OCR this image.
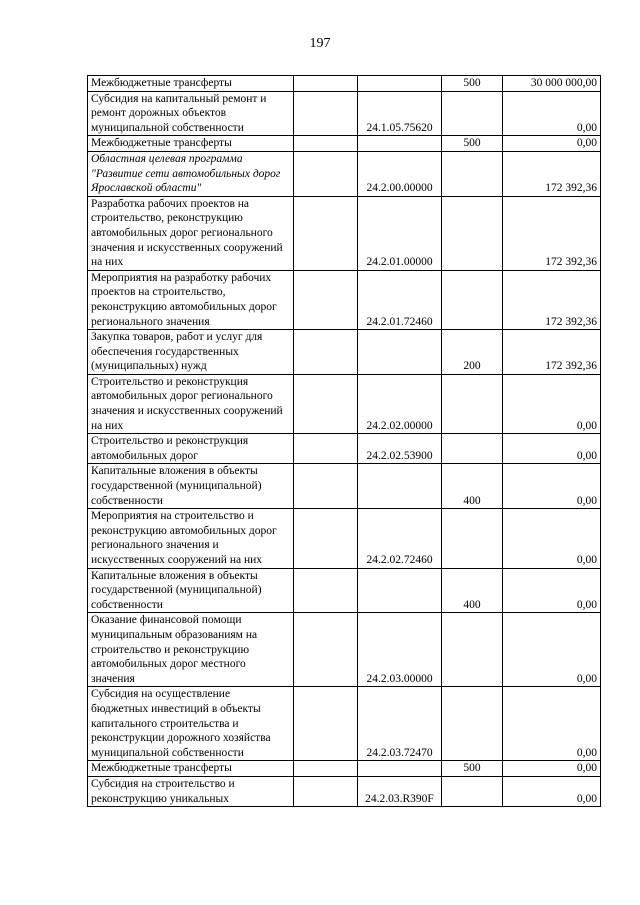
197
Межбюджетные трансферты			500	30 000 000,00
Субсидия на капитальный ремонт и ремонт дорожных объектов муниципальной собственности		24.1.05.75620		0,00
Межбюджетные трансферты			500	0,00
Областная целевая программа "Развитие сети автомобильных дорог Ярославской области"		24.2.00.00000		172 392,36
Разработка рабочих проектов на строительство, реконструкцию автомобильных дорог регионального значения и искусственных сооружений на них		24.2.01.00000		172 392,36
Мероприятия на разработку рабочих проектов на строительство, реконструкцию автомобильных дорог регионального значения		24.2.01.72460		172 392,36
Закупка товаров, работ и услуг для обеспечения государственных (муниципальных) нужд			200	172 392,36
Строительство и реконструкция автомобильных дорог регионального значения и искусственных сооружений на них		24.2.02.00000		0,00
Строительство и реконструкция автомобильных дорог		24.2.02.53900		0,00
Капитальные вложения в объекты государственной (муниципальной) собственности			400	0,00
Мероприятия на строительство и реконструкцию автомобильных дорог регионального значения и искусственных сооружений на них		24.2.02.72460		0,00
Капитальные вложения в объекты государственной (муниципальной) собственности			400	0,00
Оказание финансовой помощи муниципальным образованиям на строительство и реконструкцию автомобильных дорог местного значения		24.2.03.00000		0,00
Субсидия на осуществление бюджетных инвестиций в объекты капитального строительства и реконструкции дорожного хозяйства муниципальной собственности		24.2.03.72470		0,00
Межбюджетные трансферты			500	0,00
Субсидия на строительство и реконструкцию уникальных		24.2.03.R390F		0,00
